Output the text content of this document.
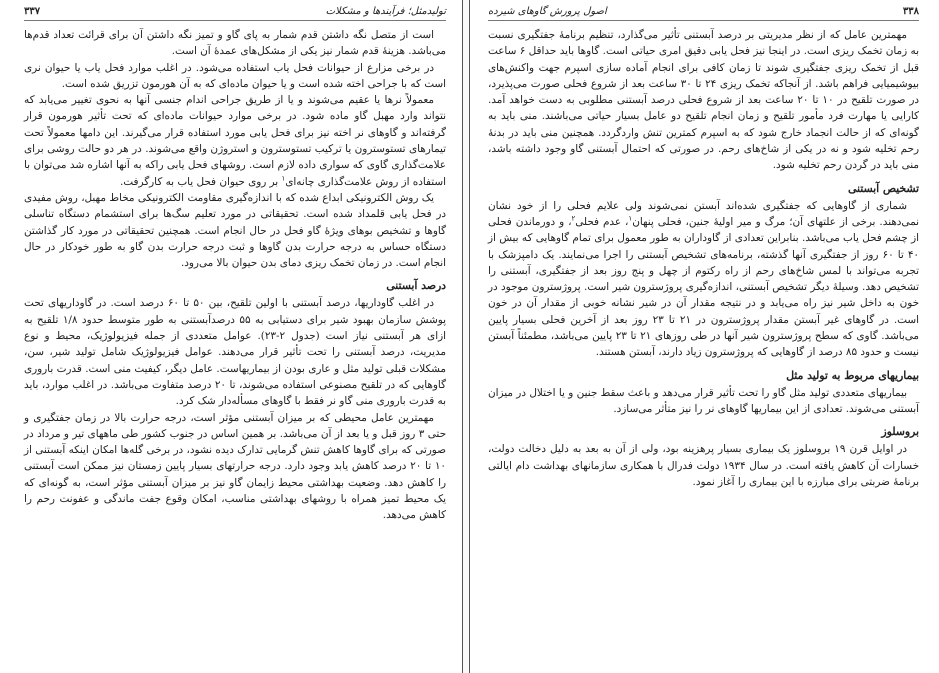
۳۳۸
اصول پرورش گاوهای شیرده

مهمترین عامل که از نظر مدیریتی بر درصد آبستنی تأثیر می‌گذارد، تنظیم برنامهٔ جفتگیری نسبت به زمان تخمک ریزی است. در اینجا نیز فحل یابی دقیق امری حیاتی است. گاوها باید حداقل ۶ ساعت قبل از تخمک ریزی جفتگیری شوند تا زمان کافی برای انجام آماده سازی اسپرم جهت واکنش‌های بیوشیمیایی فراهم باشد. از آنجاکه تخمک ریزی ۲۴ تا ۳۰ ساعت بعد از شروع فحلی صورت می‌پذیرد، در صورت تلقیح در ۱۰ تا ۲۰ ساعت بعد از شروع فحلی درصد آبستنی مطلوبی به دست خواهد آمد. کارایی یا مهارت فرد مأمور تلقیح و زمان انجام تلقیح دو عامل بسیار حیاتی می‌باشند. منی باید به گونه‌ای که از حالت انجماد خارج شود که به اسپرم کمترین تنش واردگردد. همچنین منی باید در بدنهٔ رحم تخلیه شود و نه در یکی از شاخ‌های رحم. در صورتی که احتمال آبستنی گاو وجود داشته باشد، منی باید در گردن رحم تخلیه شود.

تشخیص آبستنی

شماری از گاوهایی که جفتگیری شده‌اند آبستن نمی‌شوند ولی علایم فحلی را از خود نشان نمی‌دهند. برخی از علتهای آن؛ مرگ و میر اولیهٔ جنین، فحلی پنهان$^۱$، عدم فحلی$^۲$، و دورماندن فحلی از چشم فحل یاب می‌باشد. بنابراین تعدادی از گاوداران به طور معمول برای تمام گاوهایی که بیش از ۴۰ تا ۶۰ روز از جفتگیری آنها گذشته، برنامه‌های تشخیص آبستنی را اجرا می‌نمایند. یک دامپزشک با تجربه می‌تواند با لمس شاخ‌های رحم از راه رکتوم از چهل و پنج روز بعد از جفتگیری، آبستنی را تشخیص دهد. وسیلهٔ دیگر تشخیص آبستنی، اندازه‌گیری پروژسترون شیر است. پروژسترون موجود در خون به داخل شیر نیز راه می‌یابد و در نتیجه مقدار آن در شیر نشانه خوبی از مقدار آن در خون است. در گاوهای غیر آبستن مقدار پروژسترون در ۲۱ تا ۲۳ روز بعد از آخرین فحلی بسیار پایین می‌باشد. گاوی که سطح پروژسترون شیر آنها در طی روزهای ۲۱ تا ۲۳ پایین می‌باشد، مطمئناً آبستن نیست و حدود ۸۵ درصد از گاوهایی که پروژسترون زیاد دارند، آبستن هستند.

بیماریهای مربوط به تولید مثل

بیماریهای متعددی تولید مثل گاو را تحت تأثیر قرار می‌دهد و باعث سقط جنین و یا اختلال در میزان آبستنی می‌شوند. تعدادی از این بیماریها گاوهای نر را نیز متأثر می‌سازد.

بروسلوز

در اوایل قرن ۱۹ بروسلوز یک بیماری بسیار پرهزینه بود، ولی از آن به بعد به دلیل دخالت دولت، خسارات آن کاهش یافته است. در سال ۱۹۳۴ دولت فدرال با همکاری سازمانهای بهداشت دام ایالتی برنامهٔ ضربتی برای مبارزه با این بیماری را آغاز نمود.

تولیدمثل؛ فرآیندها و مشکلات
۳۳۷

است از متصل نگه داشتن قدم شمار به پای گاو و تمیز نگه داشتن آن برای قرائت تعداد قدم‌ها می‌باشد. هزینهٔ قدم شمار نیز یکی از مشکل‌های عمدهٔ آن است.

در برخی مزارع از حیوانات فحل یاب استفاده می‌شود. در اغلب موارد فحل یاب یا حیوان نری است که با جراحی اخته شده است و یا حیوان ماده‌ای که به آن هورمون تزریق شده است.

معمولاً نرها یا عقیم می‌شوند و یا از طریق جراحی اندام جنسی آنها به نحوی تغییر می‌یابد که نتواند وارد مهبل گاو ماده شود. در برخی موارد حیوانات ماده‌ای که تحت تأثیر هورمون قرار گرفته‌اند و گاوهای نر اخته نیز برای فحل یابی مورد استفاده قرار می‌گیرند. این دامها معمولاً تحت تیمارهای تستوسترون یا ترکیب تستوسترون و استروژن واقع می‌شوند. در هر دو حالت روشی برای علامت‌گذاری گاوی که سواری داده لازم است. روشهای فحل یابی راکه به آنها اشاره شد می‌توان با استفاده از روش علامت‌گذاری چانه‌ای$^۱$ بر روی حیوان فحل یاب به کارگرفت.

یک روش الکترونیکی ابداع شده که با اندازه‌گیری مقاومت الکترونیکی مخاط مهبل، روش مفیدی در فحل یابی قلمداد شده است. تحقیقاتی در مورد تعلیم سگ‌ها برای استشمام دستگاه تناسلی گاوها و تشخیص بوهای ویژهٔ گاو فحل در حال انجام است. همچنین تحقیقاتی در مورد کار گذاشتن دستگاه حساس به درجه حرارت بدن گاوها و ثبت درجه حرارت بدن گاو به طور خودکار در حال انجام است. در زمان تخمک ریزی دمای بدن حیوان بالا می‌رود.

درصد آبستنی

در اغلب گاوداریها، درصد آبستنی با اولین تلقیح، بین ۵۰ تا ۶۰ درصد است. در گاوداریهای تحت پوشش سازمان بهبود شیر برای دستیابی به ۵۵ درصدآبستنی به طور متوسط حدود ۱/۸ تلقیح به ازای هر آبستنی نیاز است (جدول ۲-۲۳). عوامل متعددی از جمله فیزیولوژیک، محیط و نوع مدیریت، درصد آبستنی را تحت تأثیر قرار می‌دهند. عوامل فیزیولوژیک شامل تولید شیر، سن، مشکلات قبلی تولید مثل و عاری بودن از بیماریهاست. عامل دیگر، کیفیت منی است. قدرت باروری گاوهایی که در تلقیح مصنوعی استفاده می‌شوند، تا ۲۰ درصد متفاوت می‌باشد. در اغلب موارد، باید به قدرت باروری منی گاو نر فقط با گاوهای مسأله‌دار شک کرد.

مهمترین عامل محیطی که بر میزان آبستنی مؤثر است، درجه حرارت بالا در زمان جفتگیری و حتی ۳ روز قبل و یا بعد از آن می‌باشد. بر همین اساس در جنوب کشور طی ماههای تیر و مرداد در صورتی که برای گاوها کاهش تنش گرمایی تدارک دیده نشود، در برخی گله‌ها امکان اینکه آبستنی از ۱۰ تا ۲۰ درصد کاهش یابد وجود دارد. درجه حرارتهای بسیار پایین زمستان نیز ممکن است آبستنی را کاهش دهد. وضعیت بهداشتی محیط زایمان گاو نیز بر میزان آبستنی مؤثر است، به گونه‌ای که یک محیط تمیز همراه با روشهای بهداشتی مناسب، امکان وقوع جفت ماندگی و عفونت رحم را کاهش می‌دهد.
